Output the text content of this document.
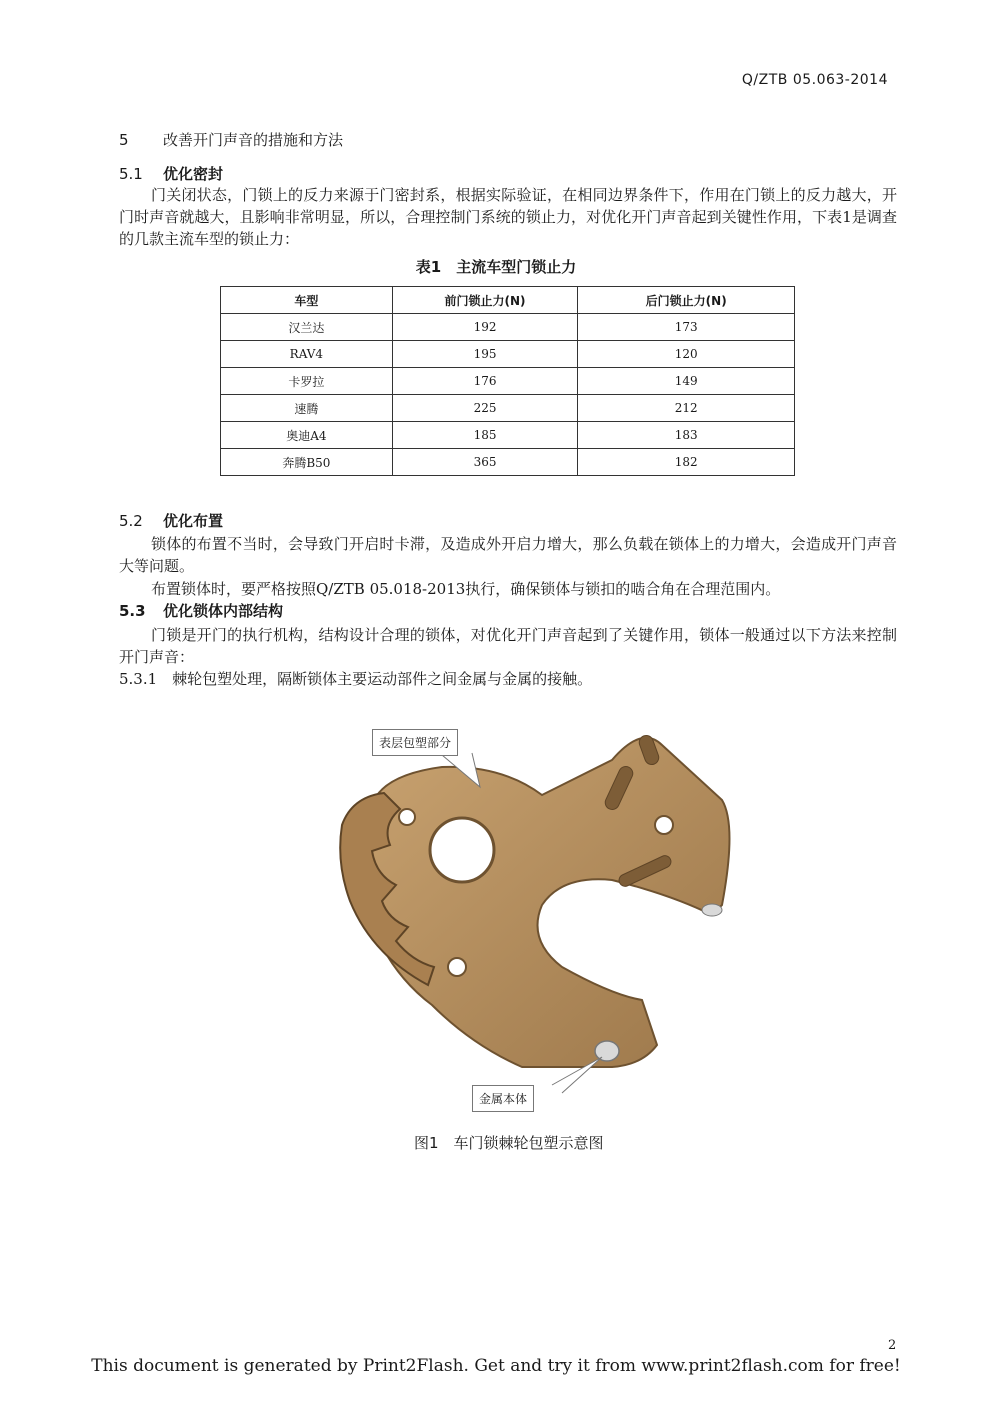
Q/ZTB 05.063-2014
5 改善开门声音的措施和方法
5.1 优化密封
门关闭状态，门锁上的反力来源于门密封系，根据实际验证，在相同边界条件下，作用在门锁上的反力越大，开门时声音就越大，且影响非常明显，所以，合理控制门系统的锁止力，对优化开门声音起到关键性作用，下表1是调查的几款主流车型的锁止力：
表1　主流车型门锁止力
车型	前门锁止力(N)	后门锁止力(N)
汉兰达	192	173
RAV4	195	120
卡罗拉	176	149
速腾	225	212
奥迪A4	185	183
奔腾B50	365	182
5.2 优化布置
锁体的布置不当时，会导致门开启时卡滞，及造成外开启力增大，那么负载在锁体上的力增大，会造成开门声音大等问题。
布置锁体时，要严格按照Q/ZTB 05.018-2013执行，确保锁体与锁扣的啮合角在合理范围内。
5.3 优化锁体内部结构
门锁是开门的执行机构，结构设计合理的锁体，对优化开门声音起到了关键作用，锁体一般通过以下方法来控制开门声音：
5.3.1　棘轮包塑处理，隔断锁体主要运动部件之间金属与金属的接触。
表层包塑部分
金属本体
图1　车门锁棘轮包塑示意图
2
This document is generated by Print2Flash. Get and try it from www.print2flash.com for free!
